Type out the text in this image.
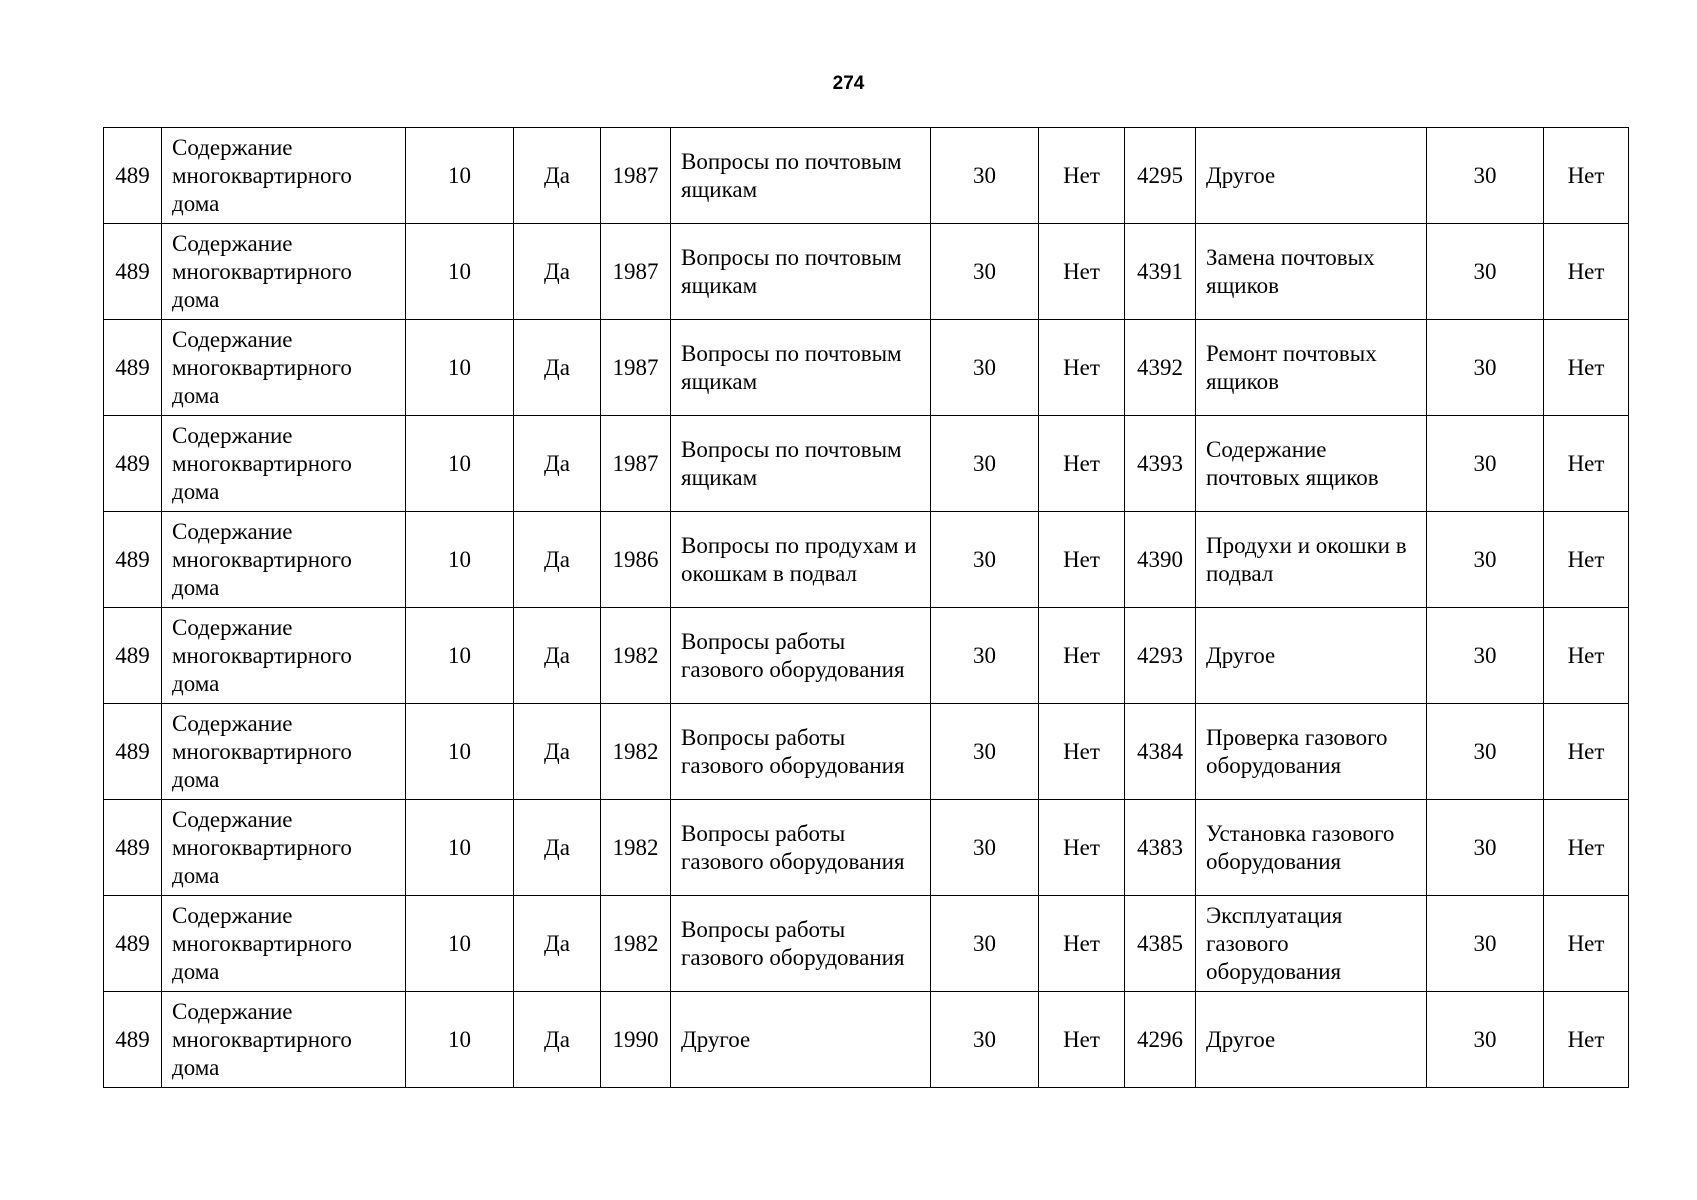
274
489	Содержание многоквартирного дома	10	Да	1987	Вопросы по почтовым ящикам	30	Нет	4295	Другое	30	Нет
489	Содержание многоквартирного дома	10	Да	1987	Вопросы по почтовым ящикам	30	Нет	4391	Замена почтовых ящиков	30	Нет
489	Содержание многоквартирного дома	10	Да	1987	Вопросы по почтовым ящикам	30	Нет	4392	Ремонт почтовых ящиков	30	Нет
489	Содержание многоквартирного дома	10	Да	1987	Вопросы по почтовым ящикам	30	Нет	4393	Содержание почтовых ящиков	30	Нет
489	Содержание многоквартирного дома	10	Да	1986	Вопросы по продухам и окошкам в подвал	30	Нет	4390	Продухи и окошки в подвал	30	Нет
489	Содержание многоквартирного дома	10	Да	1982	Вопросы работы газового оборудования	30	Нет	4293	Другое	30	Нет
489	Содержание многоквартирного дома	10	Да	1982	Вопросы работы газового оборудования	30	Нет	4384	Проверка газового оборудования	30	Нет
489	Содержание многоквартирного дома	10	Да	1982	Вопросы работы газового оборудования	30	Нет	4383	Установка газового оборудования	30	Нет
489	Содержание многоквартирного дома	10	Да	1982	Вопросы работы газового оборудования	30	Нет	4385	Эксплуатация газового оборудования	30	Нет
489	Содержание многоквартирного дома	10	Да	1990	Другое	30	Нет	4296	Другое	30	Нет
